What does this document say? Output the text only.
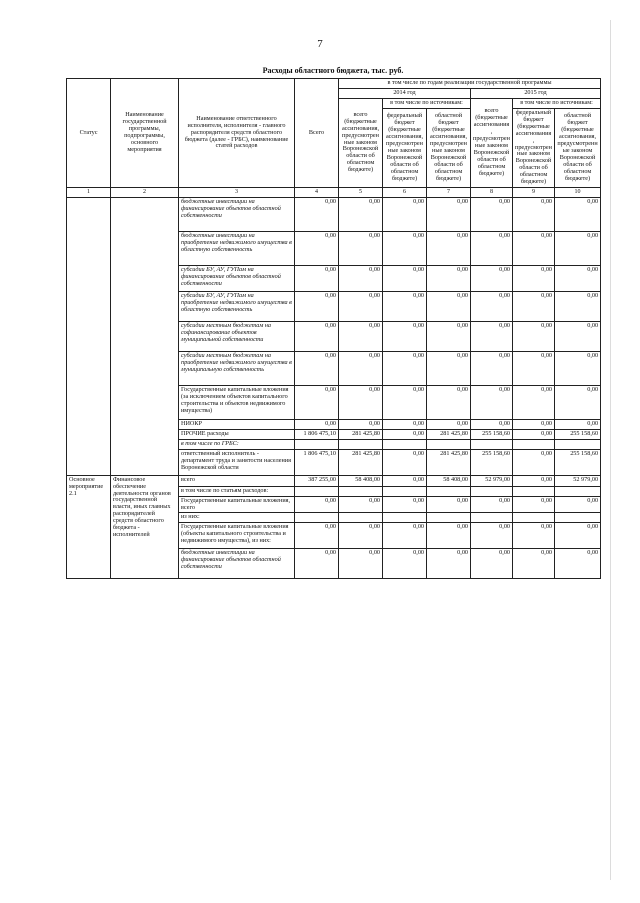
7
Расходы областного бюджета, тыс. руб.
Статус	Наименование государственной программы, подпрограммы, основного мероприятия	Наименование ответственного исполнителя, исполнителя - главного распорядителя средств областного бюджета (далее - ГРБС), наименование статей расходов	Всего	в том числе по годам реализации государственной программы					
				2014 год			2015 год		
				всего (бюджетные ассигнования, предусмотренные законом Воронежской области об областном бюджете)	в том числе по источникам:		всего (бюджетные ассигнования, предусмотренные законом Воронежской области об областном бюджете)	в том числе по источникам:	
					федеральный бюджет (бюджетные ассигнования, предусмотренные законом Воронежской области об областном бюджете)	областной бюджет (бюджетные ассигнования, предусмотренные законом Воронежской области об областном бюджете)		федеральный бюджет (бюджетные ассигнования, предусмотренные законом Воронежской области об областном бюджете)	областной бюджет (бюджетные ассигнования, предусмотренные законом Воронежской области об областном бюджете)
1	2	3	4	5	6	7	8	9	10
		бюджетные инвестиции на финансирование объектов областной собственности	0,00	0,00	0,00	0,00	0,00	0,00	0,00
		бюджетные инвестиции на приобретение недвижимого имущества в областную собственность	0,00	0,00	0,00	0,00	0,00	0,00	0,00
		субсидии БУ, АУ, ГУПам на финансирование объектов областной собственности	0,00	0,00	0,00	0,00	0,00	0,00	0,00
		субсидии БУ, АУ, ГУПам на приобретение недвижимого имущества в областную собственность	0,00	0,00	0,00	0,00	0,00	0,00	0,00
		субсидии местным бюджетам на софинансирование объектов муниципальной собственности	0,00	0,00	0,00	0,00	0,00	0,00	0,00
		субсидии местным бюджетам на приобретение недвижимого имущества в муниципальную собственность	0,00	0,00	0,00	0,00	0,00	0,00	0,00
		Государственные капитальные вложения (за исключением объектов капитального строительства и объектов недвижимого имущества)	0,00	0,00	0,00	0,00	0,00	0,00	0,00
		НИОКР	0,00	0,00	0,00	0,00	0,00	0,00	0,00
		ПРОЧИЕ расходы	1 806 475,10	281 425,80	0,00	281 425,80	255 158,60	0,00	255 158,60
		в том числе по ГРБС:							
		ответственный исполнитель - департамент труда и занятости населения Воронежской области	1 806 475,10	281 425,80	0,00	281 425,80	255 158,60	0,00	255 158,60
Основное мероприятие 2.1	Финансовое обеспечение деятельности органов государственной власти, иных главных распорядителей средств областного бюджета - исполнителей	всего	387 255,00	58 408,00	0,00	58 408,00	52 979,00	0,00	52 979,00
		в том числе по статьям расходов:							
		Государственные капитальные вложения, всего	0,00	0,00	0,00	0,00	0,00	0,00	0,00
		из них:							
		Государственные капитальные вложения (объекты капитального строительства и недвижимого имущества), из них:	0,00	0,00	0,00	0,00	0,00	0,00	0,00
		бюджетные инвестиции на финансирование объектов областной собственности	0,00	0,00	0,00	0,00	0,00	0,00	0,00
